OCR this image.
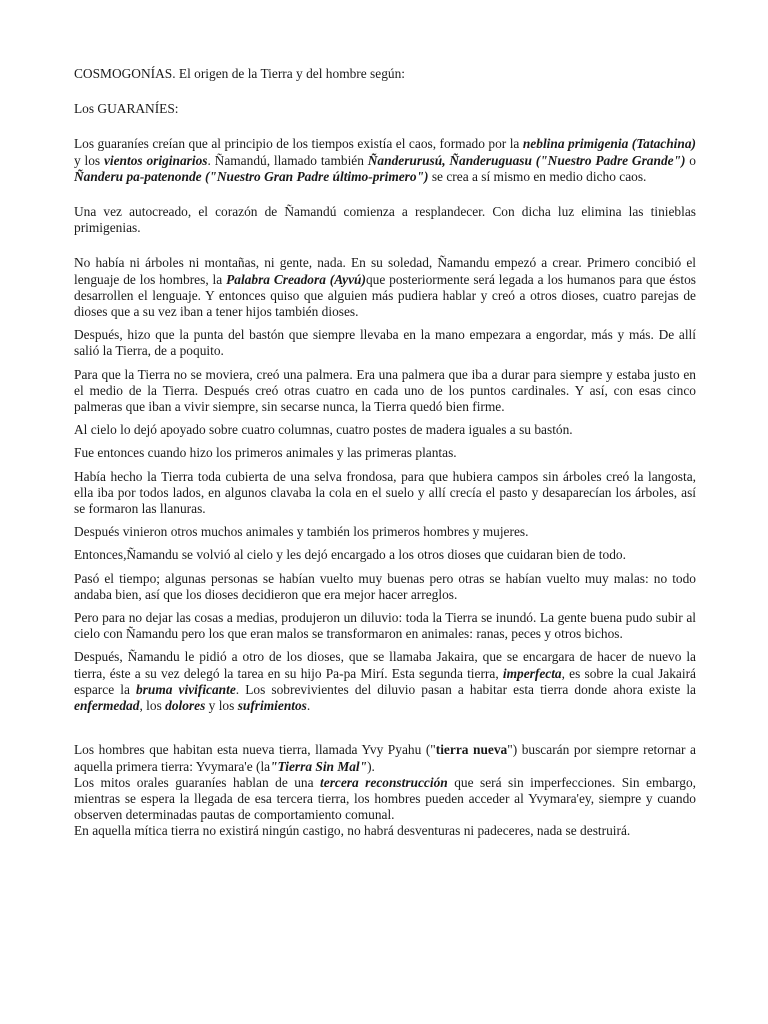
COSMOGONÍAS. El origen de la Tierra y del hombre según:

Los GUARANÍES:

Los guaraníes creían que al principio de los tiempos existía el caos, formado por la neblina primigenia (Tatachina) y los vientos originarios. Ñamandú, llamado también Ñanderurusú, Ñanderuguasu ("Nuestro Padre Grande") o Ñanderu pa-patenonde ("Nuestro Gran Padre último-primero") se crea a sí mismo en medio dicho caos.

Una vez autocreado, el corazón de Ñamandú comienza a resplandecer. Con dicha luz elimina las tinieblas primigenias.

No había ni árboles ni montañas, ni gente, nada. En su soledad, Ñamandu empezó a crear. Primero concibió el lenguaje de los hombres, la Palabra Creadora (Ayvú)que posteriormente será legada a los humanos para que éstos desarrollen el lenguaje. Y entonces quiso que alguien más pudiera hablar y creó a otros dioses, cuatro parejas de dioses que a su vez iban a tener hijos también dioses.

Después, hizo que la punta del bastón que siempre llevaba en la mano empezara a engordar, más y más. De allí salió la Tierra, de a poquito.

Para que la Tierra no se moviera, creó una palmera. Era una palmera que iba a durar para siempre y estaba justo en el medio de la Tierra. Después creó otras cuatro en cada uno de los puntos cardinales. Y así, con esas cinco palmeras que iban a vivir siempre, sin secarse nunca, la Tierra quedó bien firme.

Al cielo lo dejó apoyado sobre cuatro columnas, cuatro postes de madera iguales a su bastón.

Fue entonces cuando hizo los primeros animales y las primeras plantas.

Había hecho la Tierra toda cubierta de una selva frondosa, para que hubiera campos sin árboles creó la langosta, ella iba por todos lados, en algunos clavaba la cola en el suelo y allí crecía el pasto y desaparecían los árboles, así se formaron las llanuras.

Después vinieron otros muchos animales y también los primeros hombres y mujeres.

Entonces,Ñamandu se volvió al cielo y les dejó encargado a los otros dioses que cuidaran bien de todo.

Pasó el tiempo; algunas personas se habían vuelto muy buenas pero otras se habían vuelto muy malas: no todo andaba bien, así que los dioses decidieron que era mejor hacer arreglos.

Pero para no dejar las cosas a medias, produjeron un diluvio: toda la Tierra se inundó. La gente buena pudo subir al cielo con Ñamandu pero los que eran malos se transformaron en animales: ranas, peces y otros bichos.

Después, Ñamandu le pidió a otro de los dioses, que se llamaba Jakaira, que se encargara de hacer de nuevo la tierra, éste a su vez delegó la tarea en su hijo Pa-pa Mirí. Esta segunda tierra, imperfecta, es sobre la cual Jakairá esparce la bruma vivificante. Los sobrevivientes del diluvio pasan a habitar esta tierra donde ahora existe la enfermedad, los dolores y los sufrimientos.

Los hombres que habitan esta nueva tierra, llamada Yvy Pyahu ("tierra nueva") buscarán por siempre retornar a aquella primera tierra: Yvymara'e (la"Tierra Sin Mal").

Los mitos orales guaraníes hablan de una tercera reconstrucción que será sin imperfecciones. Sin embargo, mientras se espera la llegada de esa tercera tierra, los hombres pueden acceder al Yvymara'ey, siempre y cuando observen determinadas pautas de comportamiento comunal.

En aquella mítica tierra no existirá ningún castigo, no habrá desventuras ni padeceres, nada se destruirá.
